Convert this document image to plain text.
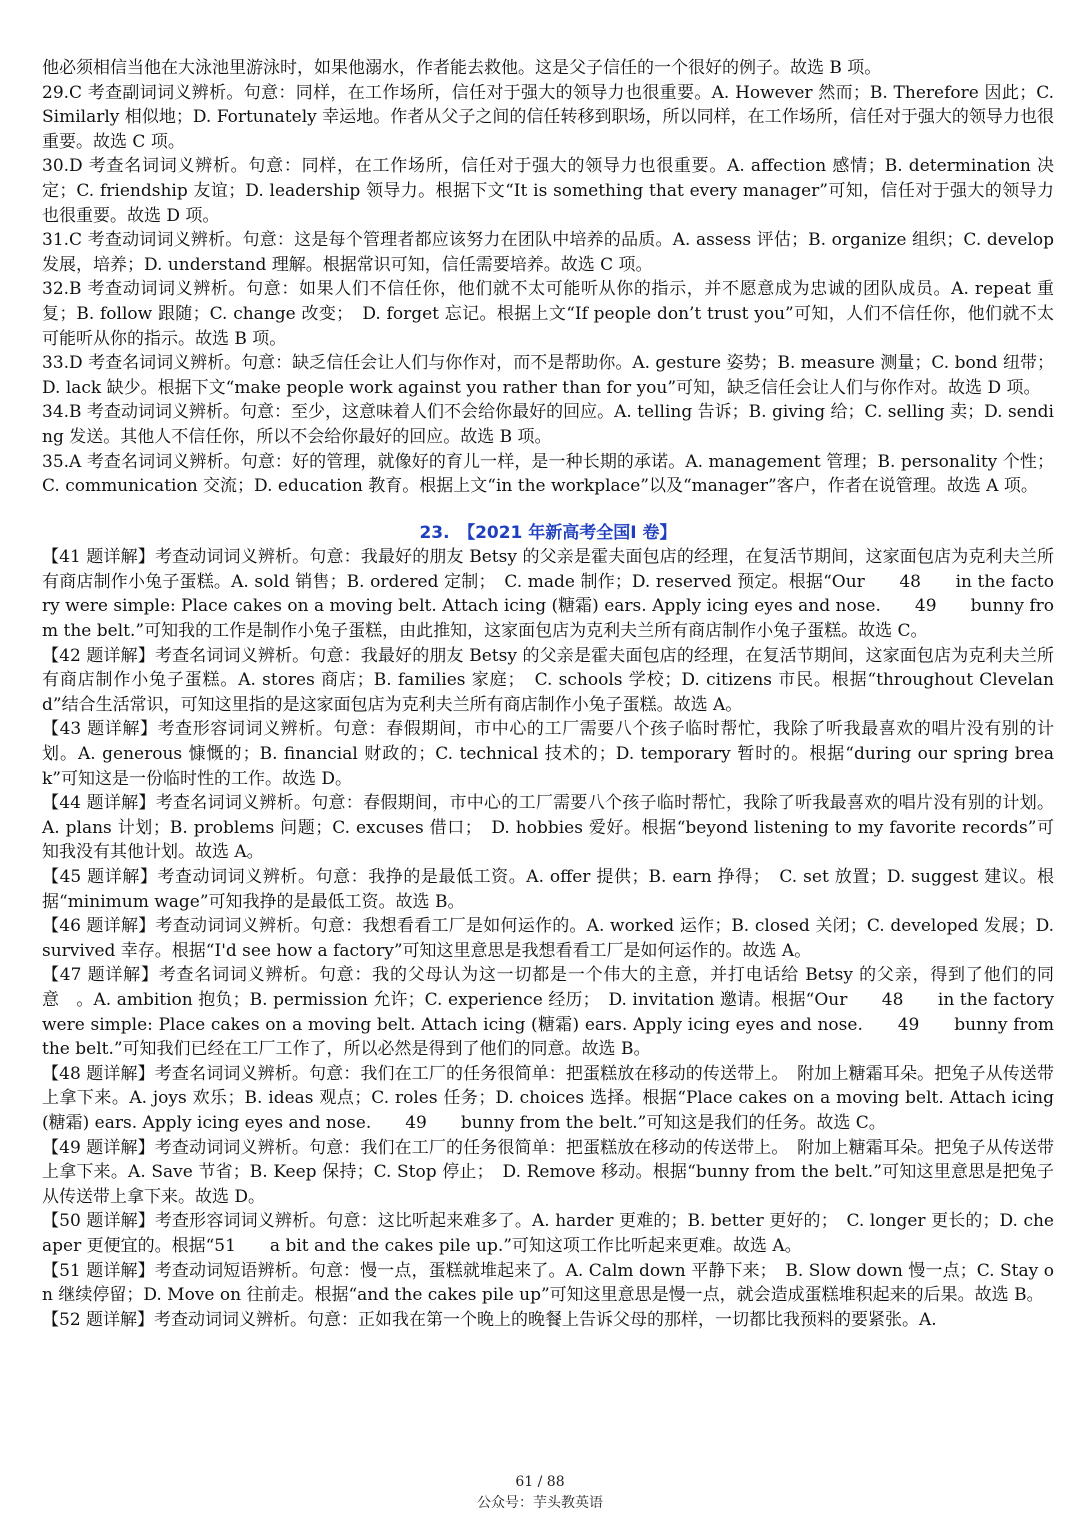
他必须相信当他在大泳池里游泳时，如果他溺水，作者能去救他。这是父子信任的一个很好的例子。故选 B 项。

29.C 考查副词词义辨析。句意：同样，在工作场所，信任对于强大的领导力也很重要。A. However 然而；B. Therefore 因此；C. Similarly 相似地；D. Fortunately 幸运地。作者从父子之间的信任转移到职场，所以同样，在工作场所，信任对于强大的领导力也很重要。故选 C 项。

30.D 考查名词词义辨析。句意：同样，在工作场所，信任对于强大的领导力也很重要。A. affection 感情；B. determination 决定；C. friendship 友谊；D. leadership 领导力。根据下文“It is something that every manager”可知，信任对于强大的领导力也很重要。故选 D 项。

31.C 考查动词词义辨析。句意：这是每个管理者都应该努力在团队中培养的品质。A. assess 评估；B. organize 组织；C. develop 发展，培养；D. understand 理解。根据常识可知，信任需要培养。故选 C 项。

32.B 考查动词词义辨析。句意：如果人们不信任你，他们就不太可能听从你的指示，并不愿意成为忠诚的团队成员。A. repeat 重复；B. follow 跟随；C. change 改变；　D. forget 忘记。根据上文“If people don’t trust you”可知，人们不信任你，他们就不太可能听从你的指示。故选 B 项。

33.D 考查名词词义辨析。句意：缺乏信任会让人们与你作对，而不是帮助你。A. gesture 姿势；B. measure 测量；C. bond 纽带；D. lack 缺少。根据下文“make people work against you rather than for you”可知，缺乏信任会让人们与你作对。故选 D 项。

34.B 考查动词词义辨析。句意：至少，这意味着人们不会给你最好的回应。A. telling 告诉；B. giving 给；C. selling 卖；D. sending 发送。其他人不信任你，所以不会给你最好的回应。故选 B 项。

35.A 考查名词词义辨析。句意：好的管理，就像好的育儿一样，是一种长期的承诺。A. management 管理；B. personality 个性；C. communication 交流；D. education 教育。根据上文“in the workplace”以及“manager”客户，作者在说管理。故选 A 项。

23.　【2021 年新高考全国I 卷】

【41 题详解】考查动词词义辨析。句意：我最好的朋友 Betsy 的父亲是霍夫面包店的经理，在复活节期间，这家面包店为克利夫兰所有商店制作小兔子蛋糕。A. sold 销售；B. ordered 定制；　C. made 制作；D. reserved 预定。根据“Our　　48　　in the factory were simple: Place cakes on a moving belt. Attach icing (糖霜) ears. Apply icing eyes and nose.　　49　　bunny from the belt.”可知我的工作是制作小兔子蛋糕，由此推知，这家面包店为克利夫兰所有商店制作小兔子蛋糕。故选 C。

【42 题详解】考查名词词义辨析。句意：我最好的朋友 Betsy 的父亲是霍夫面包店的经理，在复活节期间，这家面包店为克利夫兰所有商店制作小兔子蛋糕。A. stores 商店；B. families 家庭；　C. schools 学校；D. citizens 市民。根据“throughout Cleveland”结合生活常识，可知这里指的是这家面包店为克利夫兰所有商店制作小兔子蛋糕。故选 A。

【43 题详解】考查形容词词义辨析。句意：春假期间，市中心的工厂需要八个孩子临时帮忙，我除了听我最喜欢的唱片没有别的计划。A. generous 慷慨的；B. financial 财政的；C. technical 技术的；D. temporary 暂时的。根据“during our spring break”可知这是一份临时性的工作。故选 D。

【44 题详解】考查名词词义辨析。句意：春假期间，市中心的工厂需要八个孩子临时帮忙，我除了听我最喜欢的唱片没有别的计划。A. plans 计划；B. problems 问题；C. excuses 借口；　D. hobbies 爱好。根据“beyond listening to my favorite records”可知我没有其他计划。故选 A。

【45 题详解】考查动词词义辨析。句意：我挣的是最低工资。A. offer 提供；B. earn 挣得；　C. set 放置；D. suggest 建议。根据“minimum wage”可知我挣的是最低工资。故选 B。

【46 题详解】考查动词词义辨析。句意：我想看看工厂是如何运作的。A. worked 运作；B. closed 关闭；C. developed 发展；D. survived 幸存。根据“I'd see how a factory”可知这里意思是我想看看工厂是如何运作的。故选 A。

【47 题详解】考查名词词义辨析。句意：我的父母认为这一切都是一个伟大的主意，并打电话给 Betsy 的父亲，得到了他们的同意　。A. ambition 抱负；B. permission 允许；C. experience 经历；　D. invitation 邀请。根据“Our　　48　　in the factory were simple: Place cakes on a moving belt. Attach icing (糖霜) ears. Apply icing eyes and nose.　　49　　bunny from the belt.”可知我们已经在工厂工作了，所以必然是得到了他们的同意。故选 B。

【48 题详解】考查名词词义辨析。句意：我们在工厂的任务很简单：把蛋糕放在移动的传送带上。　附加上糖霜耳朵。把兔子从传送带上拿下来。A. joys 欢乐；B. ideas 观点；C. roles 任务；D. choices 选择。根据“Place cakes on a moving belt. Attach icing (糖霜) ears. Apply icing eyes and nose.　　49　　bunny from the belt.”可知这是我们的任务。故选 C。

【49 题详解】考查动词词义辨析。句意：我们在工厂的任务很简单：把蛋糕放在移动的传送带上。　附加上糖霜耳朵。把兔子从传送带上拿下来。A. Save 节省；B. Keep 保持；C. Stop 停止；　D. Remove 移动。根据“bunny from the belt.”可知这里意思是把兔子从传送带上拿下来。故选 D。

【50 题详解】考查形容词词义辨析。句意：这比听起来难多了。A. harder 更难的；B. better 更好的；　C. longer 更长的；D. cheaper 更便宜的。根据“51　　a bit and the cakes pile up.”可知这项工作比听起来更难。故选 A。

【51 题详解】考查动词短语辨析。句意：慢一点，蛋糕就堆起来了。A. Calm down 平静下来；　B. Slow down 慢一点；C. Stay on 继续停留；D. Move on 往前走。根据“and the cakes pile up”可知这里意思是慢一点，就会造成蛋糕堆积起来的后果。故选 B。

【52 题详解】考查动词词义辨析。句意：正如我在第一个晚上的晚餐上告诉父母的那样，一切都比我预料的要紧张。A.

61 / 88
公众号：芋头教英语
